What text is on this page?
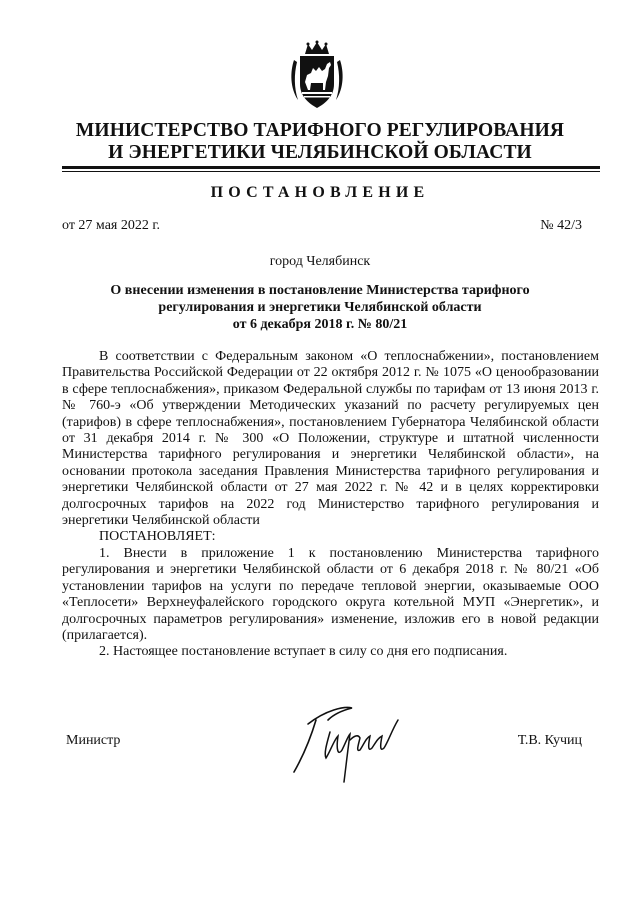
МИНИСТЕРСТВО ТАРИФНОГО РЕГУЛИРОВАНИЯ
И ЭНЕРГЕТИКИ ЧЕЛЯБИНСКОЙ ОБЛАСТИ
ПОСТАНОВЛЕНИЕ
от 27 мая 2022 г.	№ 42/3
город Челябинск
О внесении изменения в постановление Министерства тарифного
регулирования и энергетики Челябинской области
от 6 декабря 2018 г. № 80/21

В соответствии с Федеральным законом «О теплоснабжении», постановлением Правительства Российской Федерации от 22 октября 2012 г. № 1075 «О ценообразовании в сфере теплоснабжения», приказом Федеральной службы по тарифам от 13 июня 2013 г. № 760-э «Об утверждении Методических указаний по расчету регулируемых цен (тарифов) в сфере теплоснабжения», постановлением Губернатора Челябинской области от 31 декабря 2014 г. № 300 «О Положении, структуре и штатной численности Министерства тарифного регулирования и энергетики Челябинской области», на основании протокола заседания Правления Министерства тарифного регулирования и энергетики Челябинской области от 27 мая 2022 г. № 42 и в целях корректировки долгосрочных тарифов на 2022 год Министерство тарифного регулирования и энергетики Челябинской области

ПОСТАНОВЛЯЕТ:

1. Внести в приложение 1 к постановлению Министерства тарифного регулирования и энергетики Челябинской области от 6 декабря 2018 г. № 80/21 «Об установлении тарифов на услуги по передаче тепловой энергии, оказываемые ООО «Теплосети» Верхнеуфалейского городского округа котельной МУП «Энергетик», и долгосрочных параметров регулирования» изменение, изложив его в новой редакции (прилагается).

2. Настоящее постановление вступает в силу со дня его подписания.

Министр	Т.В. Кучиц
